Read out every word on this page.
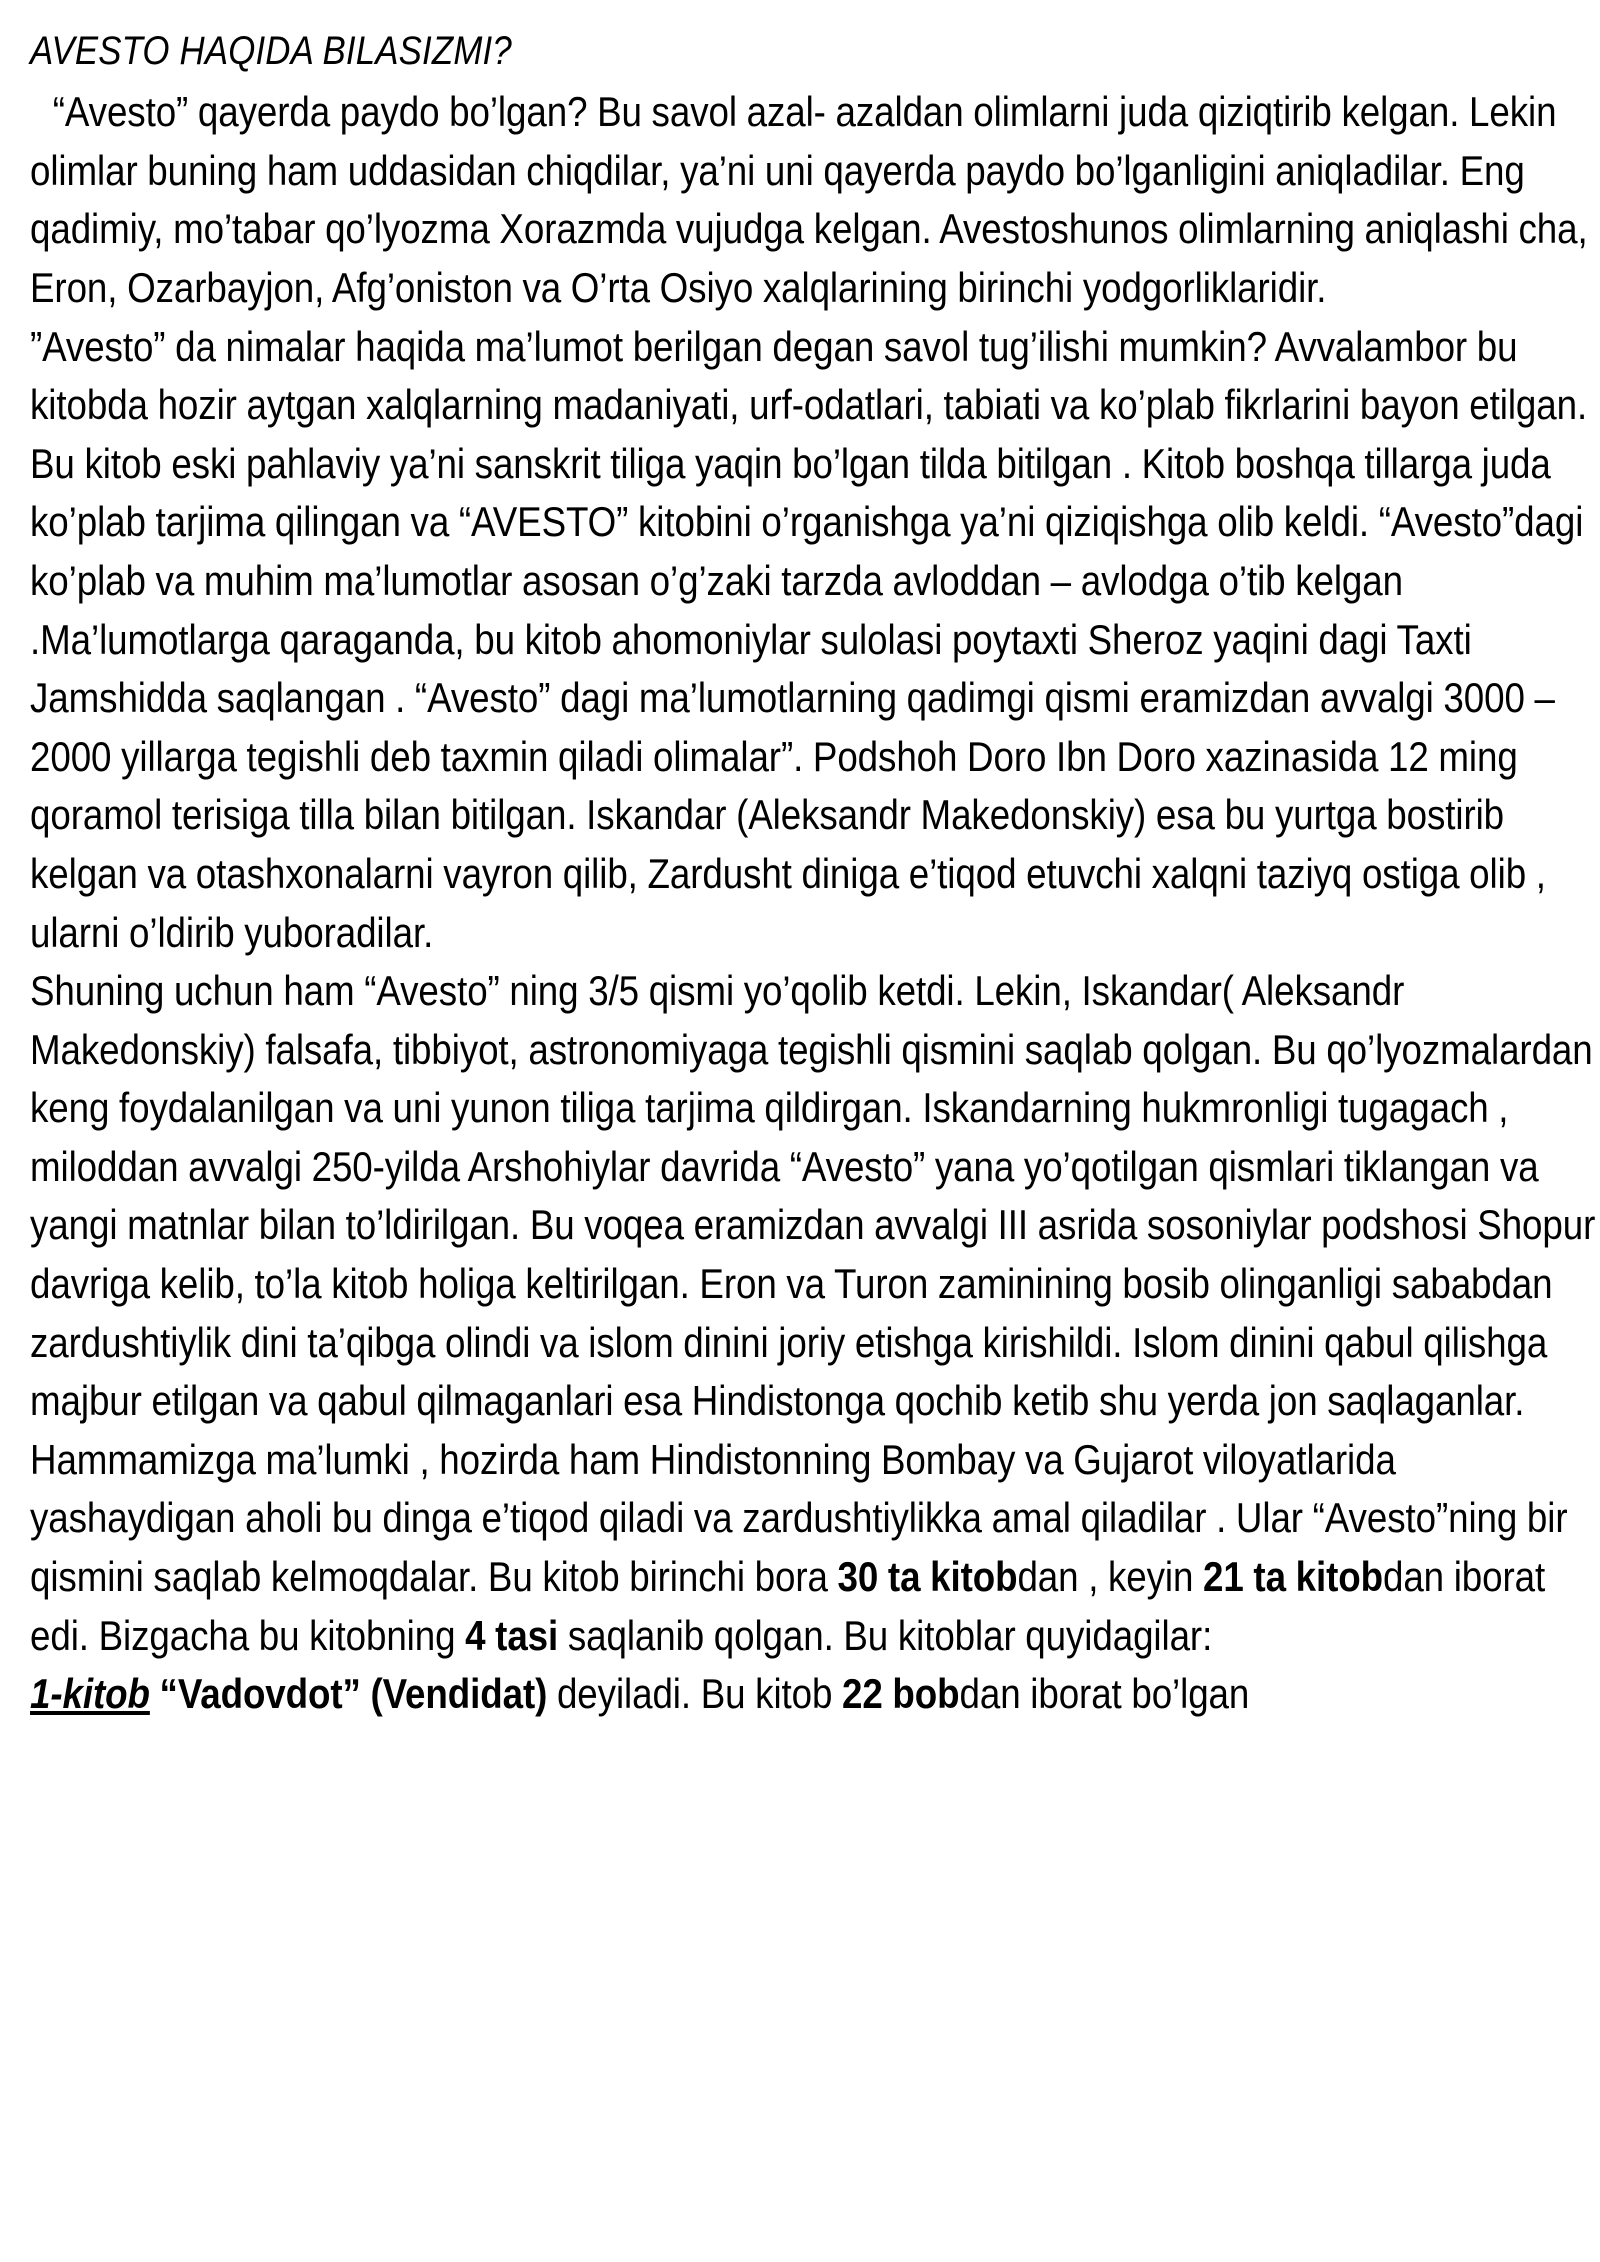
AVESTO HAQIDA BILASIZMI?

“Avesto” qayerda paydo bo’lgan? Bu savol azal- azaldan olimlarni juda qiziqtirib kelgan. Lekin olimlar buning ham uddasidan chiqdilar, ya’ni uni qayerda paydo bo’lganligini aniqladilar. Eng qadimiy, mo’tabar qo’lyozma Xorazmda vujudga kelgan. Avestoshunos olimlarning aniqlashi cha, Eron, Ozarbayjon, Afg’oniston va O’rta Osiyo xalqlarining birinchi yodgorliklaridir.

”Avesto” da nimalar haqida ma’lumot berilgan degan savol tug’ilishi mumkin? Avvalambor bu kitobda hozir aytgan xalqlarning madaniyati, urf-odatlari, tabiati va ko’plab fikrlarini bayon etilgan. Bu kitob eski pahlaviy ya’ni sanskrit tiliga yaqin bo’lgan tilda bitilgan . Kitob boshqa tillarga juda ko’plab tarjima qilingan va “AVESTO” kitobini o’rganishga ya’ni qiziqishga olib keldi. “Avesto”dagi ko’plab va muhim ma’lumotlar asosan o’g’zaki tarzda avloddan – avlodga o’tib kelgan .Ma’lumotlarga qaraganda, bu kitob ahomoniylar sulolasi poytaxti Sheroz yaqini dagi Taxti Jamshidda saqlangan . “Avesto” dagi ma’lumotlarning qadimgi qismi eramizdan avvalgi 3000 – 2000 yillarga tegishli deb taxmin qiladi olimalar”. Podshoh Doro Ibn Doro xazinasida 12 ming qoramol terisiga tilla bilan bitilgan. Iskandar (Aleksandr Makedonskiy) esa bu yurtga bostirib kelgan va otashxonalarni vayron qilib, Zardusht diniga e’tiqod etuvchi xalqni taziyq ostiga olib , ularni o’ldirib yuboradilar.

Shuning uchun ham “Avesto” ning 3/5 qismi yo’qolib ketdi. Lekin, Iskandar( Aleksandr Makedonskiy) falsafa, tibbiyot, astronomiyaga tegishli qismini saqlab qolgan. Bu qo’lyozmalardan keng foydalanilgan va uni yunon tiliga tarjima qildirgan. Iskandarning hukmronligi tugagach , miloddan avvalgi 250-yilda Arshohiylar davrida “Avesto” yana yo’qotilgan qismlari tiklangan va yangi matnlar bilan to’ldirilgan. Bu voqea eramizdan avvalgi III asrida sosoniylar podshosi Shopur davriga kelib, to’la kitob holiga keltirilgan. Eron va Turon zaminining bosib olinganligi sababdan zardushtiylik dini ta’qibga olindi va islom dinini joriy etishga kirishildi. Islom dinini qabul qilishga majbur etilgan va qabul qilmaganlari esa Hindistonga qochib ketib shu yerda jon saqlaganlar.

Hammamizga ma’lumki , hozirda ham Hindistonning Bombay va Gujarot viloyatlarida yashaydigan aholi bu dinga e’tiqod qiladi va zardushtiylikka amal qiladilar . Ular “Avesto”ning bir qismini saqlab kelmoqdalar. Bu kitob birinchi bora 30 ta kitobdan , keyin 21 ta kitobdan iborat edi. Bizgacha bu kitobning 4 tasi saqlanib qolgan. Bu kitoblar quyidagilar:

1-kitob “Vadovdot” (Vendidat) deyiladi. Bu kitob 22 bobdan iborat bo’lgan
